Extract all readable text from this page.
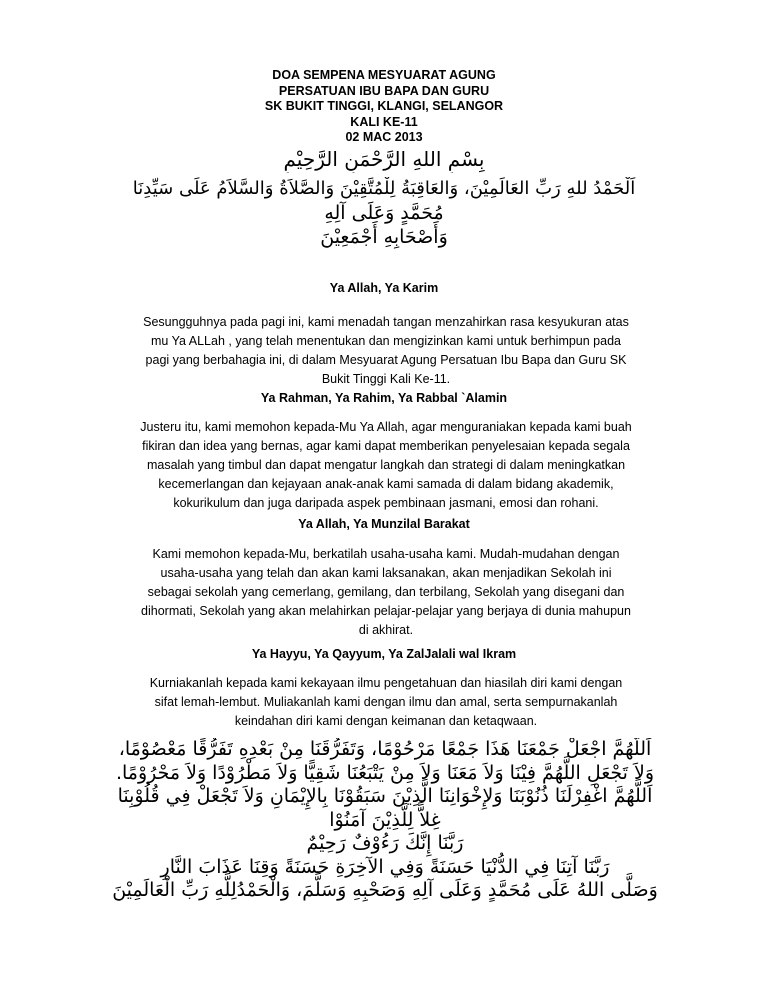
DOA SEMPENA MESYUARAT AGUNG
PERSATUAN IBU BAPA DAN GURU
SK BUKIT TINGGI, KLANGI, SELANGOR
KALI KE-11
02 MAC 2013
بِسْمِ اللهِ الرَّحْمَنِ الرَّحِيْمِ
اَلْحَمْدُ للهِ رَبِّ العَالَمِيْنَ، وَالعَاقِبَةُ لِلْمُتَّقِيْنَ وَالصَّلاَةُ وَالسَّلاَمُ عَلَى سَيِّدِنَا
مُحَمَّدٍ وَعَلَى آلِهِ
وَأَصْحَابِهِ أَجْمَعِيْنَ
Ya Allah, Ya Karim
Sesungguhnya pada pagi ini, kami menadah tangan menzahirkan rasa kesyukuran atas
mu Ya ALLah , yang telah menentukan dan mengizinkan kami untuk berhimpun pada
pagi yang berbahagia ini, di dalam Mesyuarat Agung Persatuan Ibu Bapa dan Guru SK
Bukit Tinggi Kali Ke-11.
Ya Rahman, Ya Rahim, Ya Rabbal `Alamin
Justeru itu, kami memohon kepada-Mu Ya Allah, agar menguraniakan kepada kami buah
fikiran dan idea yang bernas, agar kami dapat memberikan penyelesaian kepada segala
masalah yang timbul dan dapat mengatur langkah dan strategi di dalam meningkatkan
kecemerlangan dan kejayaan anak-anak kami samada di dalam bidang akademik,
kokurikulum dan juga daripada aspek pembinaan jasmani, emosi dan rohani.
Ya Allah, Ya Munzilal Barakat
Kami memohon kepada-Mu, berkatilah usaha-usaha kami. Mudah-mudahan dengan
usaha-usaha yang telah dan akan kami laksanakan, akan menjadikan Sekolah ini
sebagai sekolah yang cemerlang, gemilang, dan terbilang, Sekolah yang disegani dan
dihormati, Sekolah yang akan melahirkan pelajar-pelajar yang berjaya di dunia mahupun
di akhirat.
Ya Hayyu, Ya Qayyum, Ya ZalJalali wal Ikram
Kurniakanlah kepada kami kekayaan ilmu pengetahuan dan hiasilah diri kami dengan
sifat lemah-lembut. Muliakanlah kami dengan ilmu dan amal, serta sempurnakanlah
keindahan diri kami dengan keimanan dan ketaqwaan.
اَللَّهُمَّ اجْعَلْ جَمْعَنَا هَذَا جَمْعًا مَرْحُوْمًا، وَتَفَرُّقَنَا مِنْ بَعْدِهِ تَفَرُّقًا مَعْصُوْمًا،
وَلاَ تَجْعَلِ اللَّهُمَّ فِيْنَا وَلاَ مَعَنَا وَلاَ مِنْ يَتْبَعُنَا شَقِيًّا وَلاَ مَطْرُوْدًا وَلاَ مَحْرُوْمًا.
اَللَّهُمَّ اغْفِرْلَنَا ذُنُوْبَنَا وَلإِخْوَانِنَا الَّذِيْنَ سَبَقُوْنَا بِالإِيْمَانِ وَلاَ تَجْعَلْ فِي قُلُوْبِنَا
غِلاًّ لِلَّذِيْنَ آمَنُوْا
رَبَّنَا إِنَّكَ رَءُوْفٌ رَحِيْمٌ
رَبَّنَا آتِنَا فِي الدُّنْيَا حَسَنَةً وَفِي الآخِرَةِ حَسَنَةً وَقِنَا عَذَابَ النَّارِ
وَصَلَّى اللهُ عَلَى مُحَمَّدٍ وَعَلَى آلِهِ وَصَحْبِهِ وَسَلَّمَ، وَالْحَمْدُلِلَّهِ رَبِّ الْعَالَمِيْنَ
